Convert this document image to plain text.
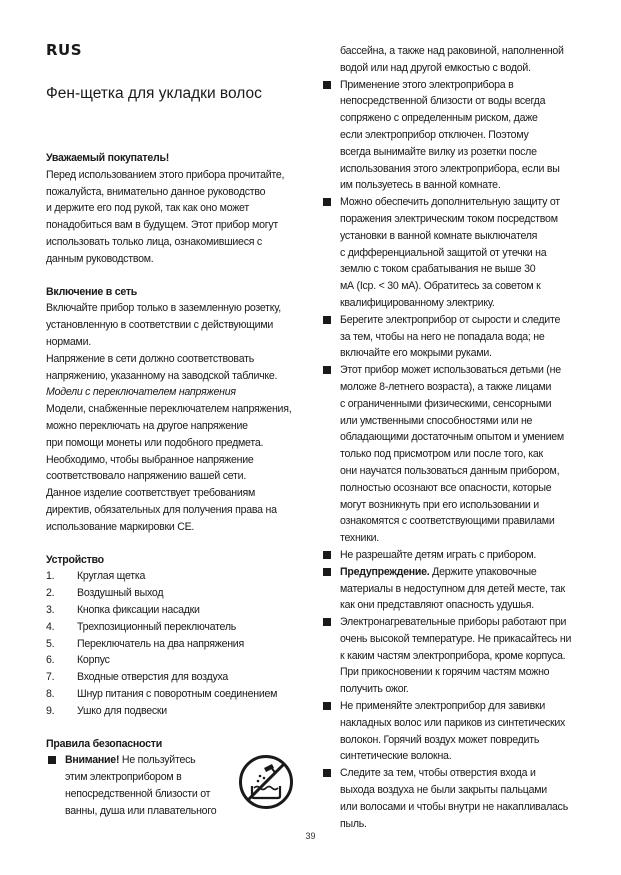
RUS
Фен-щетка для укладки волос
Уважаемый покупатель!
Перед использованием этого прибора прочитайте,
пожалуйста, внимательно данное руководство
и держите его под рукой, так как оно может
понадобиться вам в будущем. Этот прибор могут
использовать только лица, ознакомившиеся с
данным руководством.
Включение в сеть
Включайте прибор только в заземленную розетку,
установленную в соответствии с действующими
нормами.
Напряжение в сети должно соответствовать
напряжению, указанному на заводской табличке.
Модели с переключателем напряжения
Модели, снабженные переключателем напряжения,
можно переключать на другое напряжение
при помощи монеты или подобного предмета.
Необходимо, чтобы выбранное напряжение
соответствовало напряжению вашей сети.
Данное изделие соответствует требованиям
директив, обязательных для получения права на
использование маркировки CE.
Устройство
1. Круглая щетка
2. Воздушный выход
3. Кнопка фиксации насадки
4. Трехпозиционный переключатель
5. Переключатель на два напряжения
6. Корпус
7. Входные отверстия для воздуха
8. Шнур питания с поворотным соединением
9. Ушко для подвески
Правила безопасности
Внимание! Не пользуйтесь
этим электроприбором в
непосредственной близости от
ванны, душа или плавательного
бассейна, а также над раковиной, наполненной
водой или над другой емкостью с водой.
Применение этого электроприбора в
непосредственной близости от воды всегда
сопряжено с определенным риском, даже
если электроприбор отключен. Поэтому
всегда вынимайте вилку из розетки после
использования этого электроприбора, если вы
им пользуетесь в ванной комнате.
Можно обеспечить дополнительную защиту от
поражения электрическим током посредством
установки в ванной комнате выключателя
с дифференциальной защитой от утечки на
землю с током срабатывания не выше 30
мА (Iср. < 30 мА). Обратитесь за советом к
квалифицированному электрику.
Берегите электроприбор от сырости и следите
за тем, чтобы на него не попадала вода; не
включайте его мокрыми руками.
Этот прибор может использоваться детьми (не
моложе 8-летнего возраста), а также лицами
с ограниченными физическими, сенсорными
или умственными способностями или не
обладающими достаточным опытом и умением
только под присмотром или после того, как
они научатся пользоваться данным прибором,
полностью осознают все опасности, которые
могут возникнуть при его использовании и
ознакомятся с соответствующими правилами
техники.
Не разрешайте детям играть с прибором.
Предупреждение. Держите упаковочные
материалы в недоступном для детей месте, так
как они представляют опасность удушья.
Электронагревательные приборы работают при
очень высокой температуре. Не прикасайтесь ни
к каким частям электроприбора, кроме корпуса.
При прикосновении к горячим частям можно
получить ожог.
Не применяйте электроприбор для завивки
накладных волос или париков из синтетических
волокон. Горячий воздух может повредить
синтетические волокна.
Следите за тем, чтобы отверстия входа и
выхода воздуха не были закрыты пальцами
или волосами и чтобы внутри не накапливалась
пыль.
39
